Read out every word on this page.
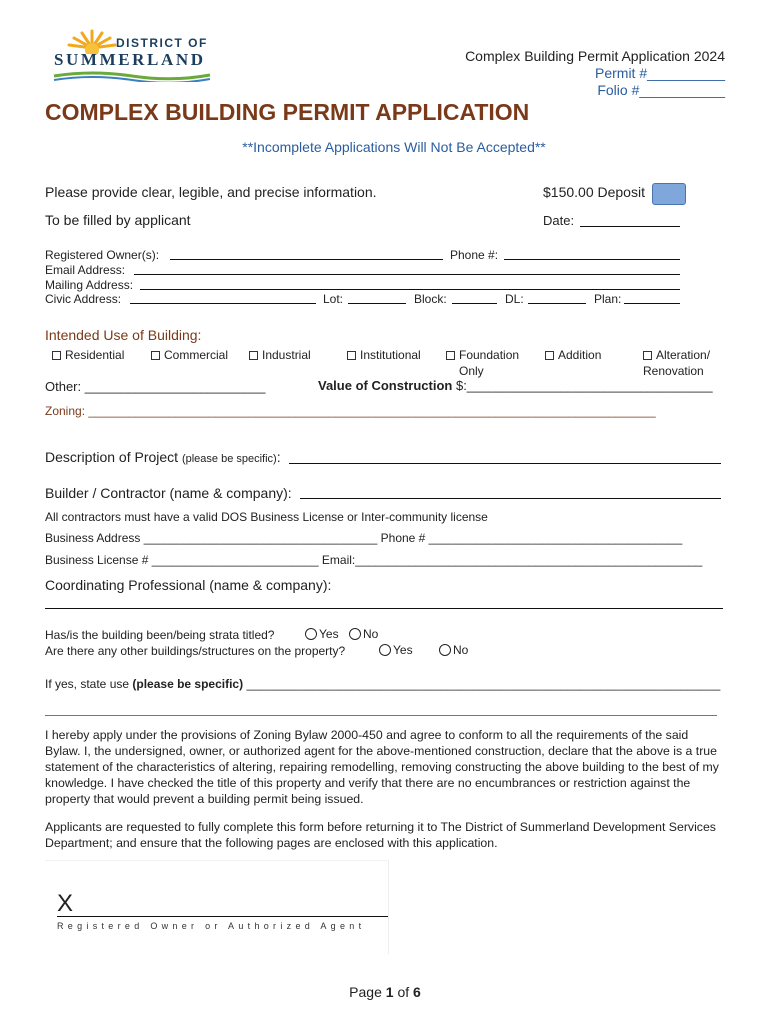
DISTRICT OF
SUMMERLAND	Complex Building Permit Application 2024
Permit #__________
Folio #___________
COMPLEX BUILDING PERMIT APPLICATION
**Incomplete Applications Will Not Be Accepted**
Please provide clear, legible, and precise information.	$150.00 Deposit
To be filled by applicant	Date:
Registered Owner(s):	Phone #:
Email Address:
Mailing Address:
Civic Address:	Lot:	Block:	DL:	Plan:
Intended Use of Building:
Residential	Commercial	Industrial	Institutional	Foundation
Only
Addition	Alteration/
Renovation
Other: _________________________	Value of Construction $:__________________________________
Zoning: _____________________________________________________________________________________
Description of Project (please be specific):
Builder / Contractor (name & company):
All contractors must have a valid DOS Business License or Inter-community license
Business Address ___________________________________ Phone # ______________________________________
Business License # _________________________ Email:____________________________________________________
Coordinating Professional (name & company):
Has/is the building been/being strata titled?	Yes	No
Are there any other buildings/structures on the property?	Yes	No
If yes, state use (please be specific) _______________________________________________________________________
I hereby apply under the provisions of Zoning Bylaw 2000-450 and agree to conform to all the requirements of the said Bylaw. I, the undersigned, owner, or authorized agent for the above-mentioned construction, declare that the above is a true statement of the characteristics of altering, repairing remodelling, removing constructing the above building to the best of my knowledge. I have checked the title of this property and verify that there are no encumbrances or restriction against the property that would prevent a building permit being issued.
Applicants are requested to fully complete this form before returning it to The District of Summerland Development Services Department; and ensure that the following pages are enclosed with this application.
X
Registered Owner or Authorized Agent
Page 1 of 6
